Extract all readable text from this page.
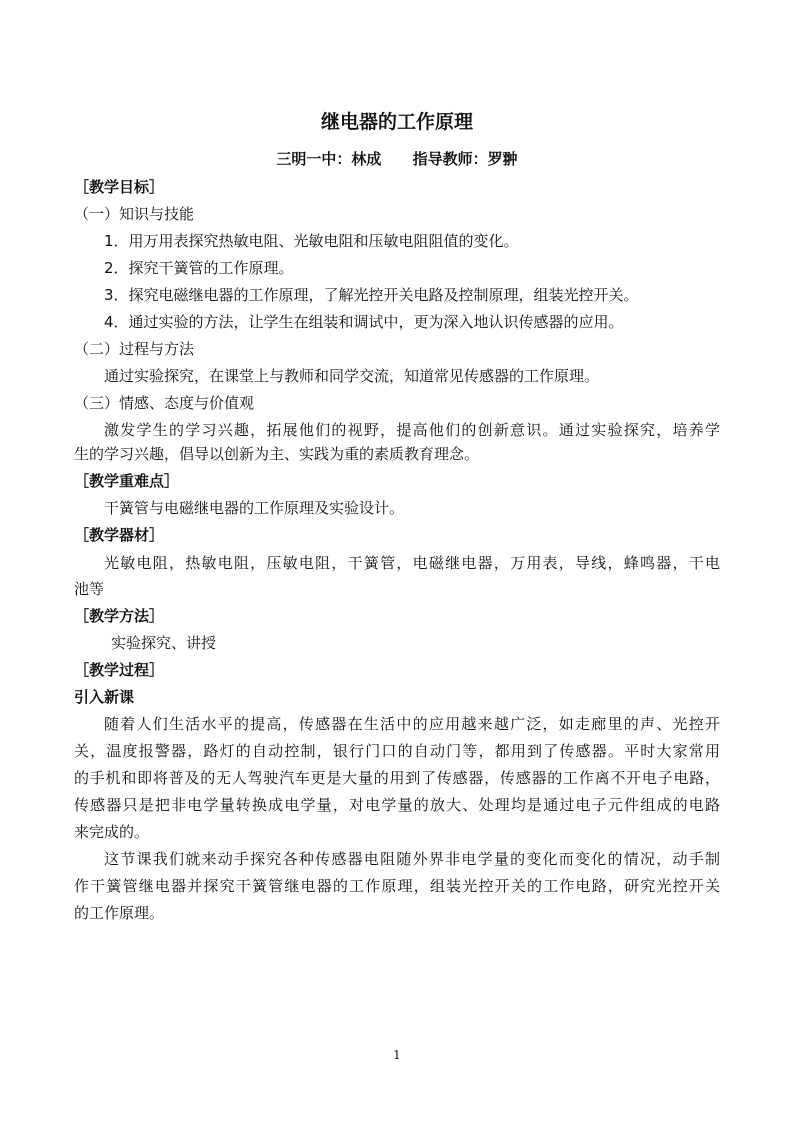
继电器的工作原理
三明一中：林成      指导教师：罗翀
［教学目标］
（一）知识与技能
1．用万用表探究热敏电阻、光敏电阻和压敏电阻阻值的变化。
2．探究干簧管的工作原理。
3．探究电磁继电器的工作原理，了解光控开关电路及控制原理，组装光控开关。
4．通过实验的方法，让学生在组装和调试中，更为深入地认识传感器的应用。
（二）过程与方法
通过实验探究，在课堂上与教师和同学交流，知道常见传感器的工作原理。
（三）情感、态度与价值观
激发学生的学习兴趣，拓展他们的视野，提高他们的创新意识。通过实验探究，培养学
生的学习兴趣，倡导以创新为主、实践为重的素质教育理念。
［教学重难点］
干簧管与电磁继电器的工作原理及实验设计。
［教学器材］
光敏电阻，热敏电阻，压敏电阻，干簧管，电磁继电器，万用表，导线，蜂鸣器，干电
池等
［教学方法］
实验探究、讲授
［教学过程］
引入新课
随着人们生活水平的提高，传感器在生活中的应用越来越广泛，如走廊里的声、光控开
关，温度报警器，路灯的自动控制，银行门口的自动门等，都用到了传感器。平时大家常用
的手机和即将普及的无人驾驶汽车更是大量的用到了传感器，传感器的工作离不开电子电路，
传感器只是把非电学量转换成电学量，对电学量的放大、处理均是通过电子元件组成的电路
来完成的。
这节课我们就来动手探究各种传感器电阻随外界非电学量的变化而变化的情况，动手制
作干簧管继电器并探究干簧管继电器的工作原理，组装光控开关的工作电路，研究光控开关
的工作原理。
1
